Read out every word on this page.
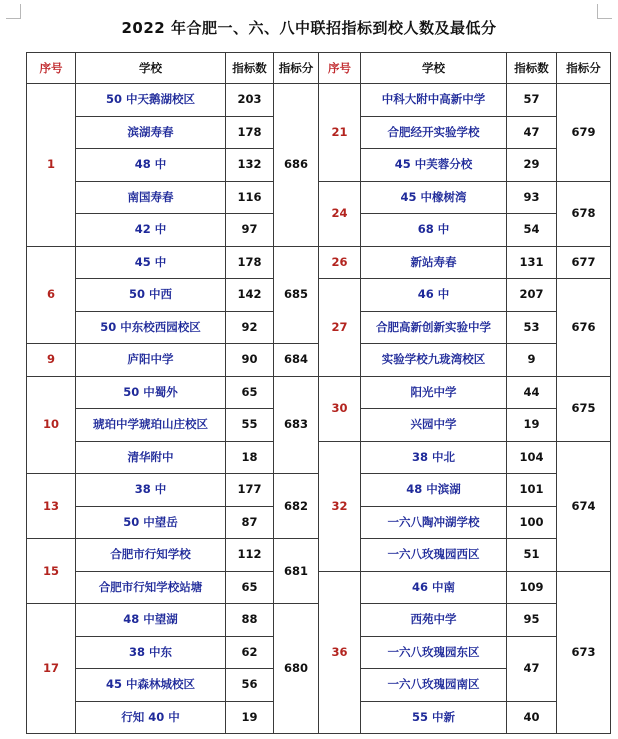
2022 年合肥一、六、八中联招指标到校人数及最低分
序号	学校	指标数	指标分	序号	学校	指标数	指标分
1	50 中天鹅湖校区	203	686	21	中科大附中高新中学	57	679
	滨湖寿春	178			合肥经开实验学校	47	
	48 中	132			45 中芙蓉分校	29	
	南国寿春	116		24	45 中橡树湾	93	678
	42 中	97			68 中	54	
6	45 中	178	685	26	新站寿春	131	677
	50 中西	142		27	46 中	207	676
	50 中东校西园校区	92			合肥高新创新实验中学	53	
9	庐阳中学	90	684		实验学校九珑湾校区	9	
10	50 中蜀外	65	683	30	阳光中学	44	675
	琥珀中学琥珀山庄校区	55			兴园中学	19	
	清华附中	18		32	38 中北	104	674
13	38 中	177	682		48 中滨湖	101	
	50 中望岳	87			一六八陶冲湖学校	100	
15	合肥市行知学校	112	681		一六八玫瑰园西区	51	
	合肥市行知学校站塘	65		36	46 中南	109	673
17	48 中望湖	88	680		西苑中学	95	
	38 中东	62			一六八玫瑰园东区	47	
	45 中森林城校区	56			一六八玫瑰园南区		
	行知 40 中	19			55 中新	40	
